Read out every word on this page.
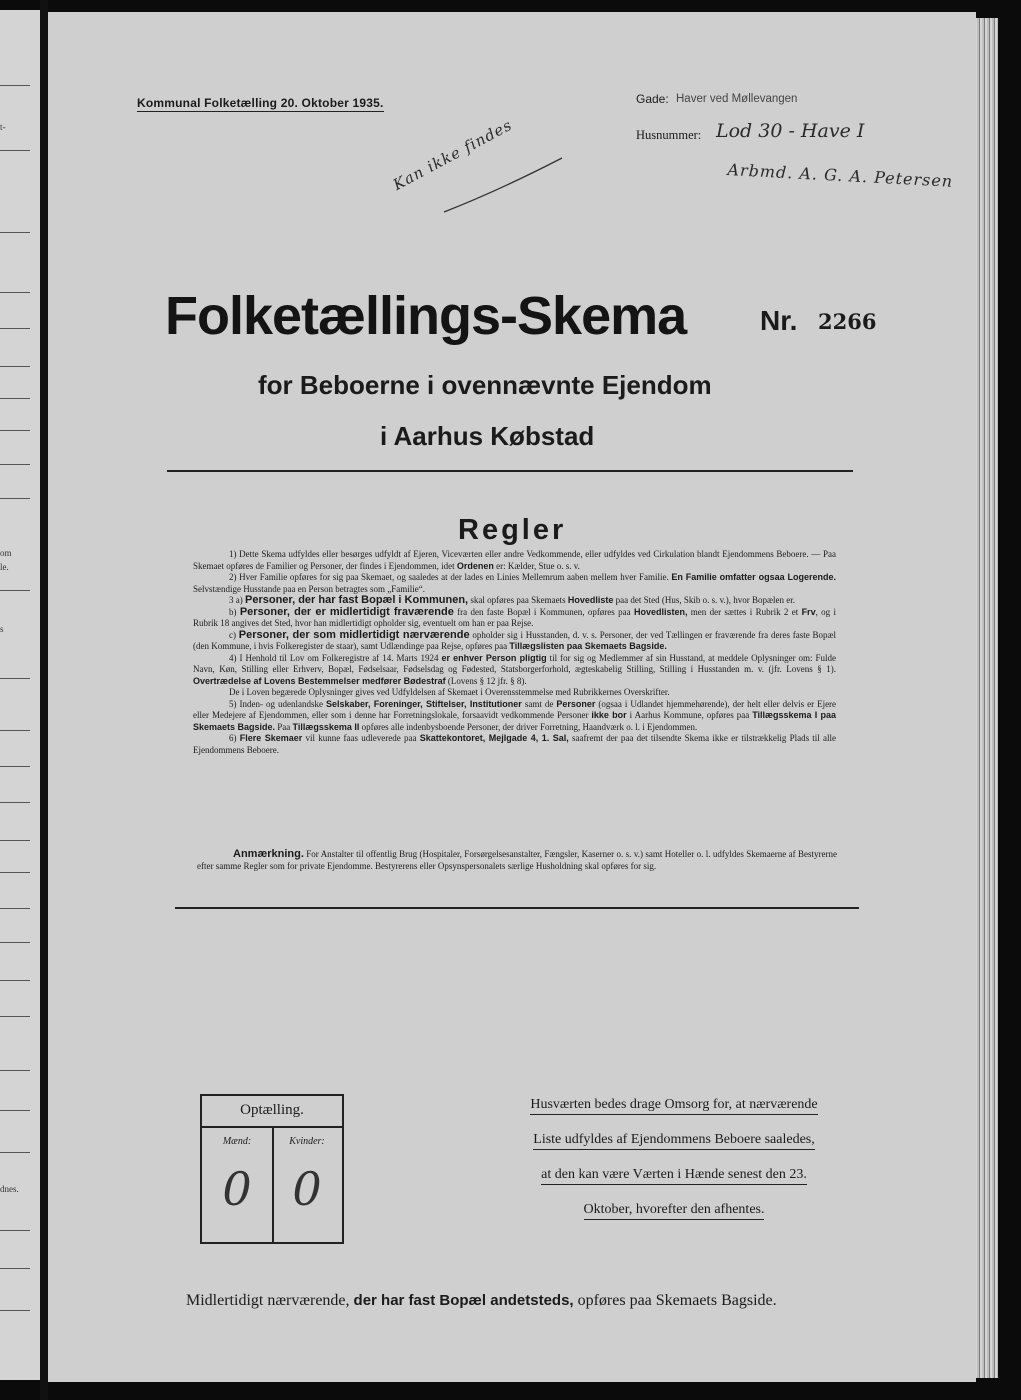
t-
om
le.
s
dnes.
Kommunal Folketælling 20. Oktober 1935.	Gade: Haver ved Møllevangen
Husnummer: Lod 30 - Have I
Arbmd. A. G. A. Petersen
Kan ikke findes
Folketællings-Skema	Nr. 2266
for Beboerne i ovennævnte Ejendom
i Aarhus Købstad
Regler

1) Dette Skema udfyldes eller besørges udfyldt af Ejeren, Viceværten eller andre Vedkommende, eller udfyldes ved Cirkulation blandt Ejendommens Beboere. — Paa Skemaet opføres de Familier og Personer, der findes i Ejendommen, idet Ordenen er: Kælder, Stue o. s. v.

2) Hver Familie opføres for sig paa Skemaet, og saaledes at der lades en Linies Mellemrum aaben mellem hver Familie. En Familie omfatter ogsaa Logerende. Selvstændige Husstande paa en Person betragtes som „Familie“.

3 a) Personer, der har fast Bopæl i Kommunen, skal opføres paa Skemaets Hovedliste paa det Sted (Hus, Skib o. s. v.), hvor Bopælen er.

b) Personer, der er midlertidigt fraværende fra den faste Bopæl i Kommunen, opføres paa Hovedlisten, men der sættes i Rubrik 2 et Frv, og i Rubrik 18 angives det Sted, hvor han midlertidigt opholder sig, eventuelt om han er paa Rejse.

c) Personer, der som midlertidigt nærværende opholder sig i Husstanden, d. v. s. Personer, der ved Tællingen er fraværende fra deres faste Bopæl (den Kommune, i hvis Folkeregister de staar), samt Udlændinge paa Rejse, opføres paa Tillægslisten paa Skemaets Bagside.

4) I Henhold til Lov om Folkeregistre af 14. Marts 1924 er enhver Person pligtig til for sig og Medlemmer af sin Husstand, at meddele Oplysninger om: Fulde Navn, Køn, Stilling eller Erhverv, Bopæl, Fødselsaar, Fødselsdag og Fødested, Statsborgerforhold, ægteskabelig Stilling, Stilling i Husstanden m. v. (jfr. Lovens § 1). Overtrædelse af Lovens Bestemmelser medfører Bødestraf (Lovens § 12 jfr. § 8).

De i Loven begærede Oplysninger gives ved Udfyldelsen af Skemaet i Overensstemmelse med Rubrikkernes Overskrifter.

5) Inden- og udenlandske Selskaber, Foreninger, Stiftelser, Institutioner samt de Personer (ogsaa i Udlandet hjemmehørende), der helt eller delvis er Ejere eller Medejere af Ejendommen, eller som i denne har Forretningslokale, forsaavidt vedkommende Personer ikke bor i Aarhus Kommune, opføres paa Tillægsskema I paa Skemaets Bagside. Paa Tillægsskema II opføres alle indenbysboende Personer, der driver Forretning, Haandværk o. l. i Ejendommen.

6) Flere Skemaer vil kunne faas udleverede paa Skattekontoret, Mejlgade 4, 1. Sal, saafremt der paa det tilsendte Skema ikke er tilstrækkelig Plads til alle Ejendommens Beboere.

Anmærkning. For Anstalter til offentlig Brug (Hospitaler, Forsørgelsesanstalter, Fængsler, Kaserner o. s. v.) samt Hoteller o. l. udfyldes Skemaerne af Bestyrerne efter samme Regler som for private Ejendomme. Bestyrerens eller Opsynspersonalets særlige Husholdning skal opføres for sig.

Optælling.
Mænd:	Kvinder:
0 0
Husværten bedes drage Omsorg for, at nærværende
Liste udfyldes af Ejendommens Beboere saaledes,
at den kan være Værten i Hænde senest den 23.
Oktober, hvorefter den afhentes.
Midlertidigt nærværende, der har fast Bopæl andetsteds, opføres paa Skemaets Bagside.
